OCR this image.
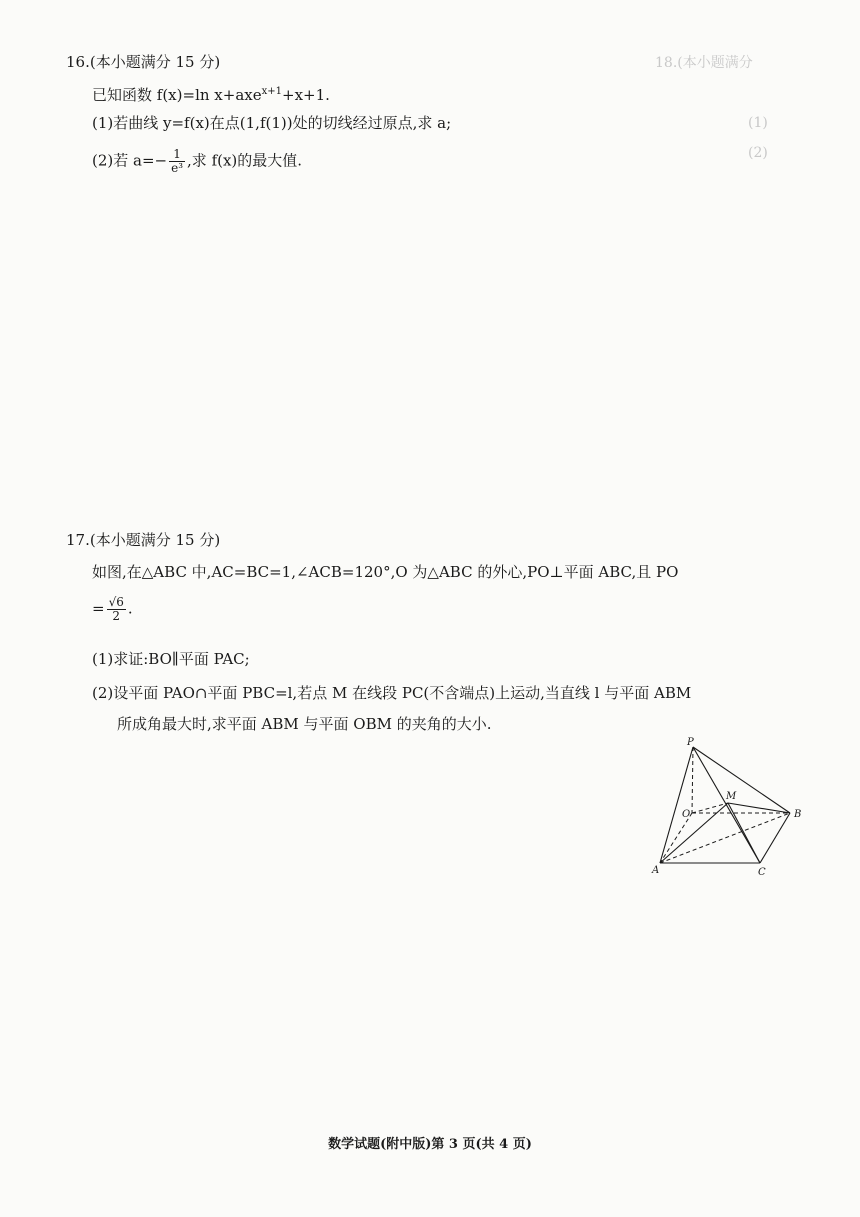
16.(本小题满分 15 分)
已知函数 f(x)=ln x+axe$^{x+1}$+x+1.
(1)若曲线 y=f(x)在点(1,f(1))处的切线经过原点,求 a;
(2)若 $a=- \frac{1}{\text{e³}}$ ,求 f(x)的最大值.
18.(本小题满分
(1)
(2)
17.(本小题满分 15 分)
如图,在△ABC 中,AC=BC=1,∠ACB=120°,O 为△ABC 的外心,PO⊥平面 ABC,且 PO
= $\frac{√6}{2}$ .
(1)求证:BO∥平面 PAC;
(2)设平面 PAO∩平面 PBC=l,若点 M 在线段 PC(不含端点)上运动,当直线 l 与平面 ABM
所成角最大时,求平面 ABM 与平面 OBM 的夹角的大小.
P
M
O	B
A	C
数学试题(附中版)第 3 页(共 4 页)
